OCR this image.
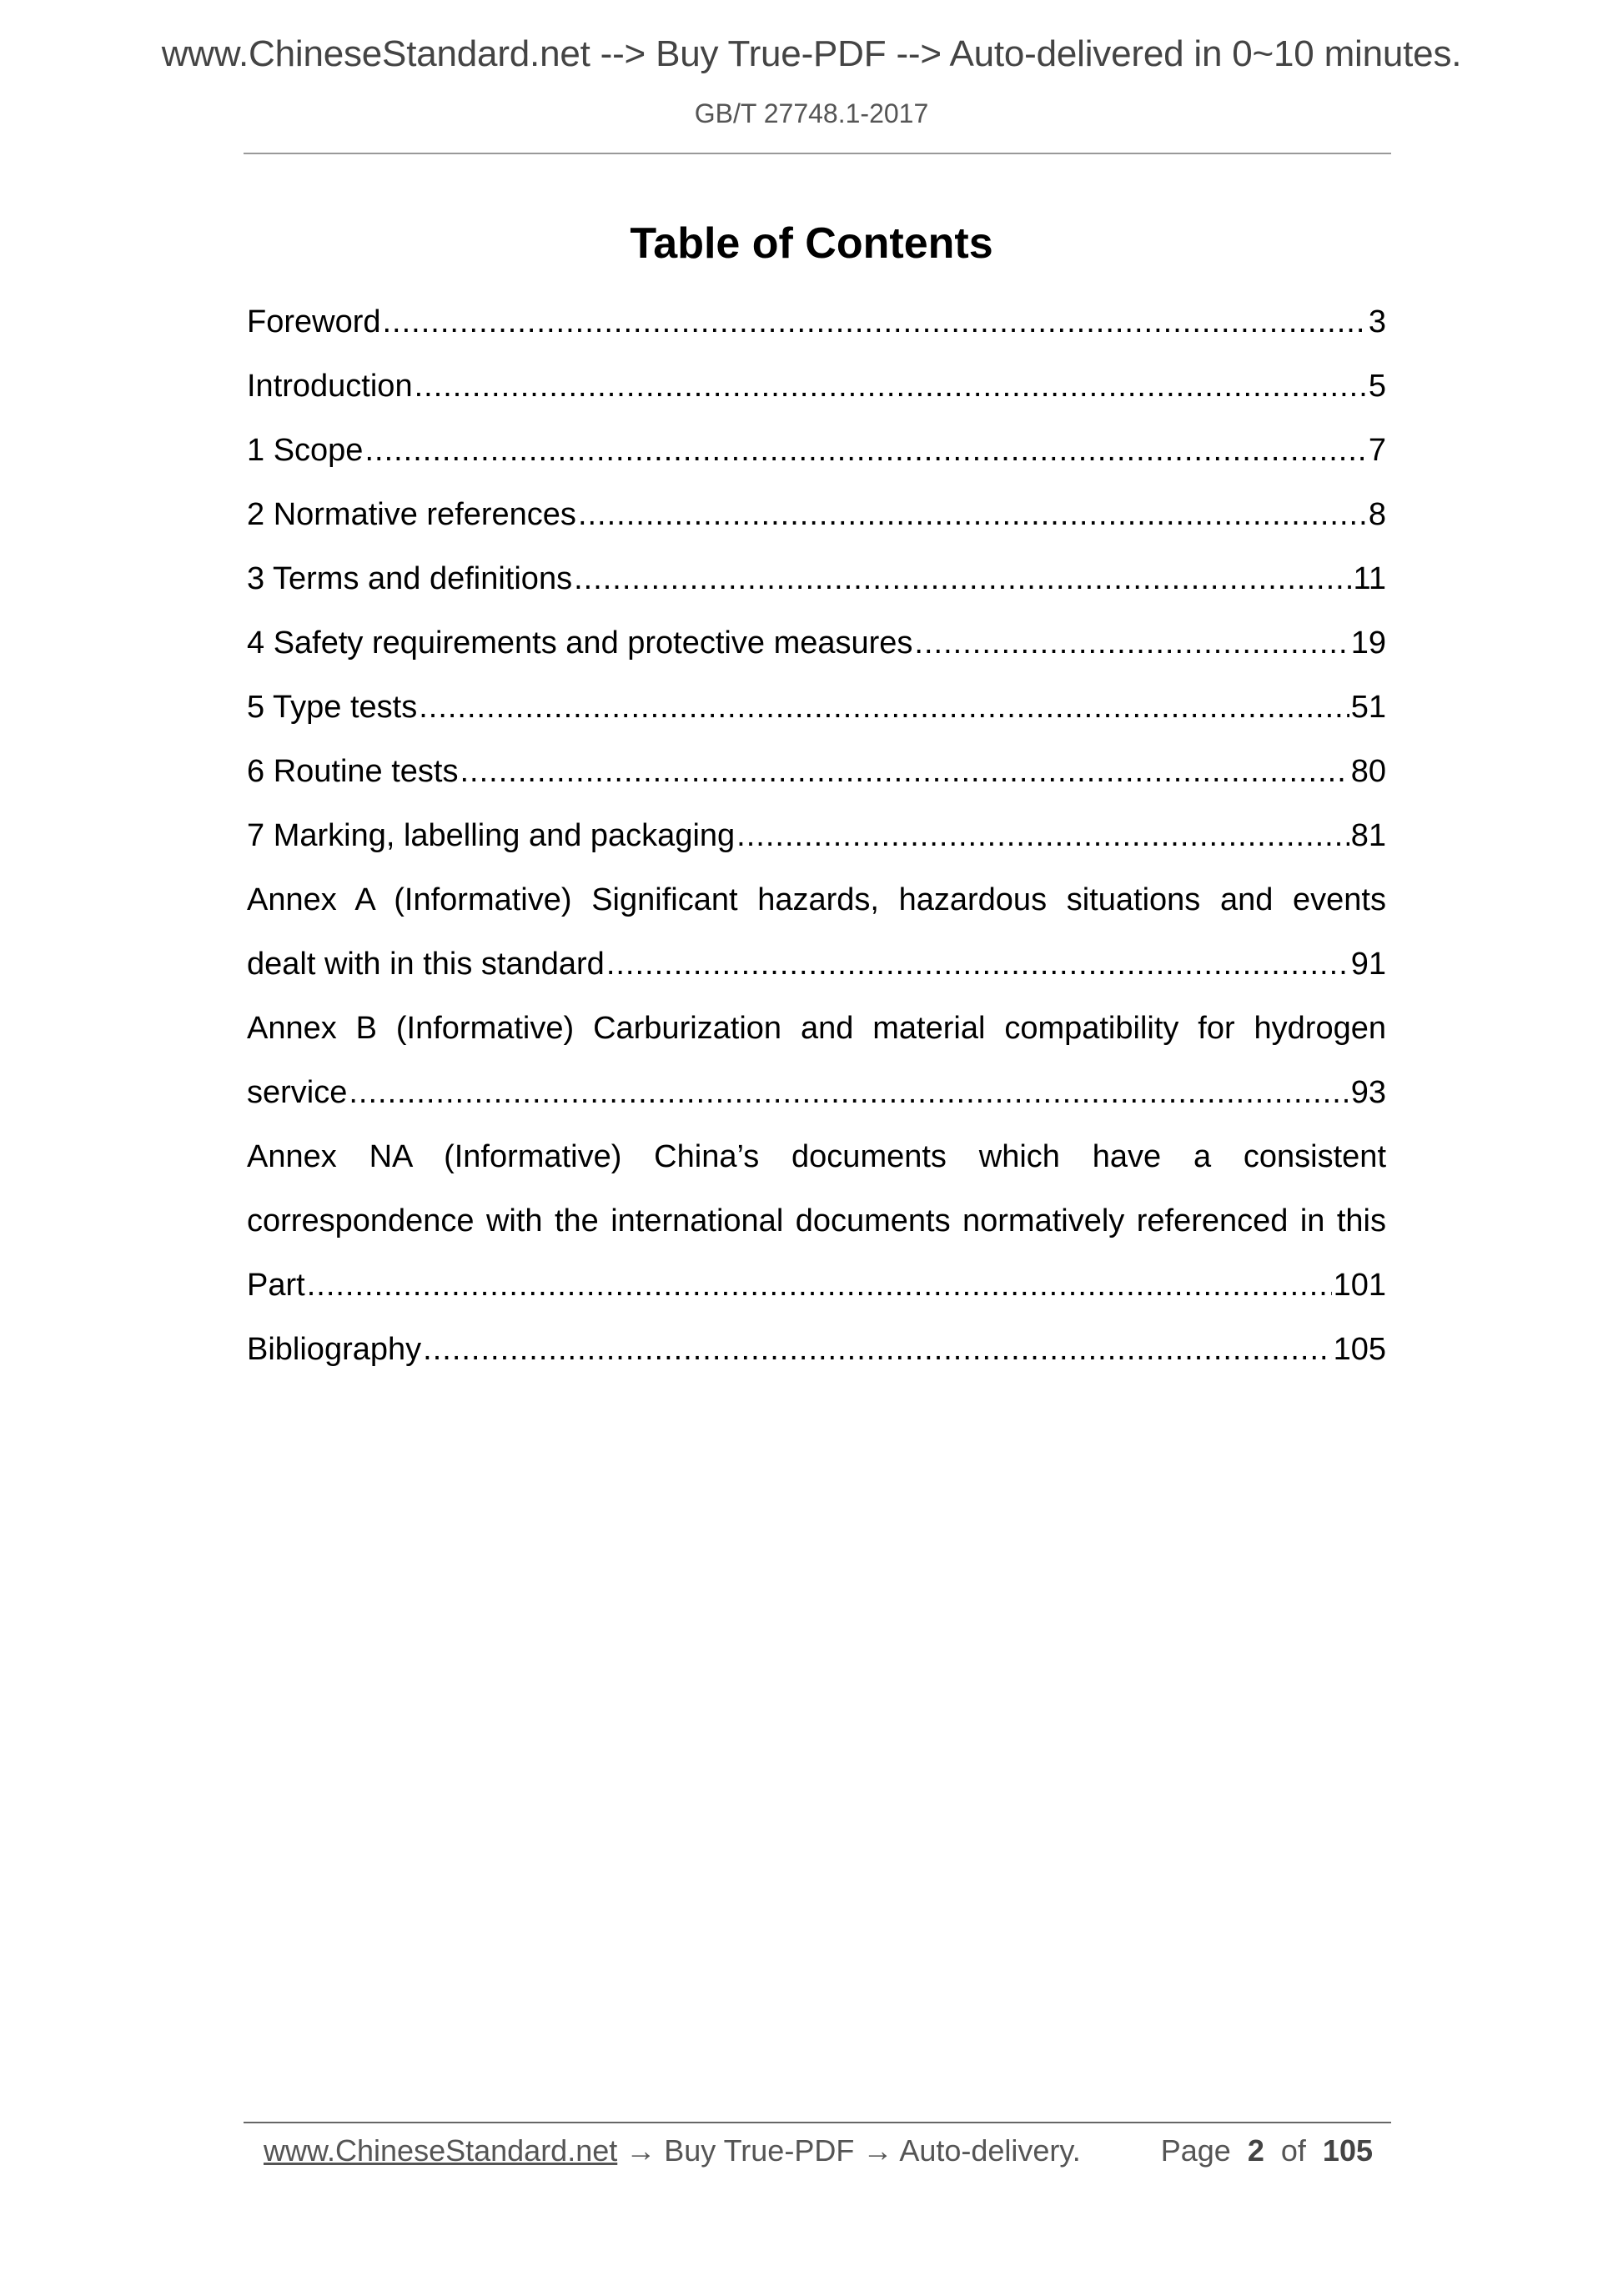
www.ChineseStandard.net --> Buy True-PDF --> Auto-delivered in 0~10 minutes.
GB/T 27748.1-2017
Table of Contents
Foreword .....	3
Introduction .....	5
1 Scope .....	7
2 Normative references .....	8
3 Terms and definitions .....	11
4 Safety requirements and protective measures .....	19
5 Type tests .....	51
6 Routine tests .....	80
7 Marking, labelling and packaging .....	81
Annex A (Informative) Significant hazards, hazardous situations and events
dealt with in this standard .....	91
Annex B (Informative) Carburization and material compatibility for hydrogen
service .....	93
Annex NA (Informative) China’s documents which have a consistent
correspondence with the international documents normatively referenced in this
Part .....	101
Bibliography .....	105
www.ChineseStandard.net → Buy True-PDF → Auto-delivery.	Page 2 of 105
